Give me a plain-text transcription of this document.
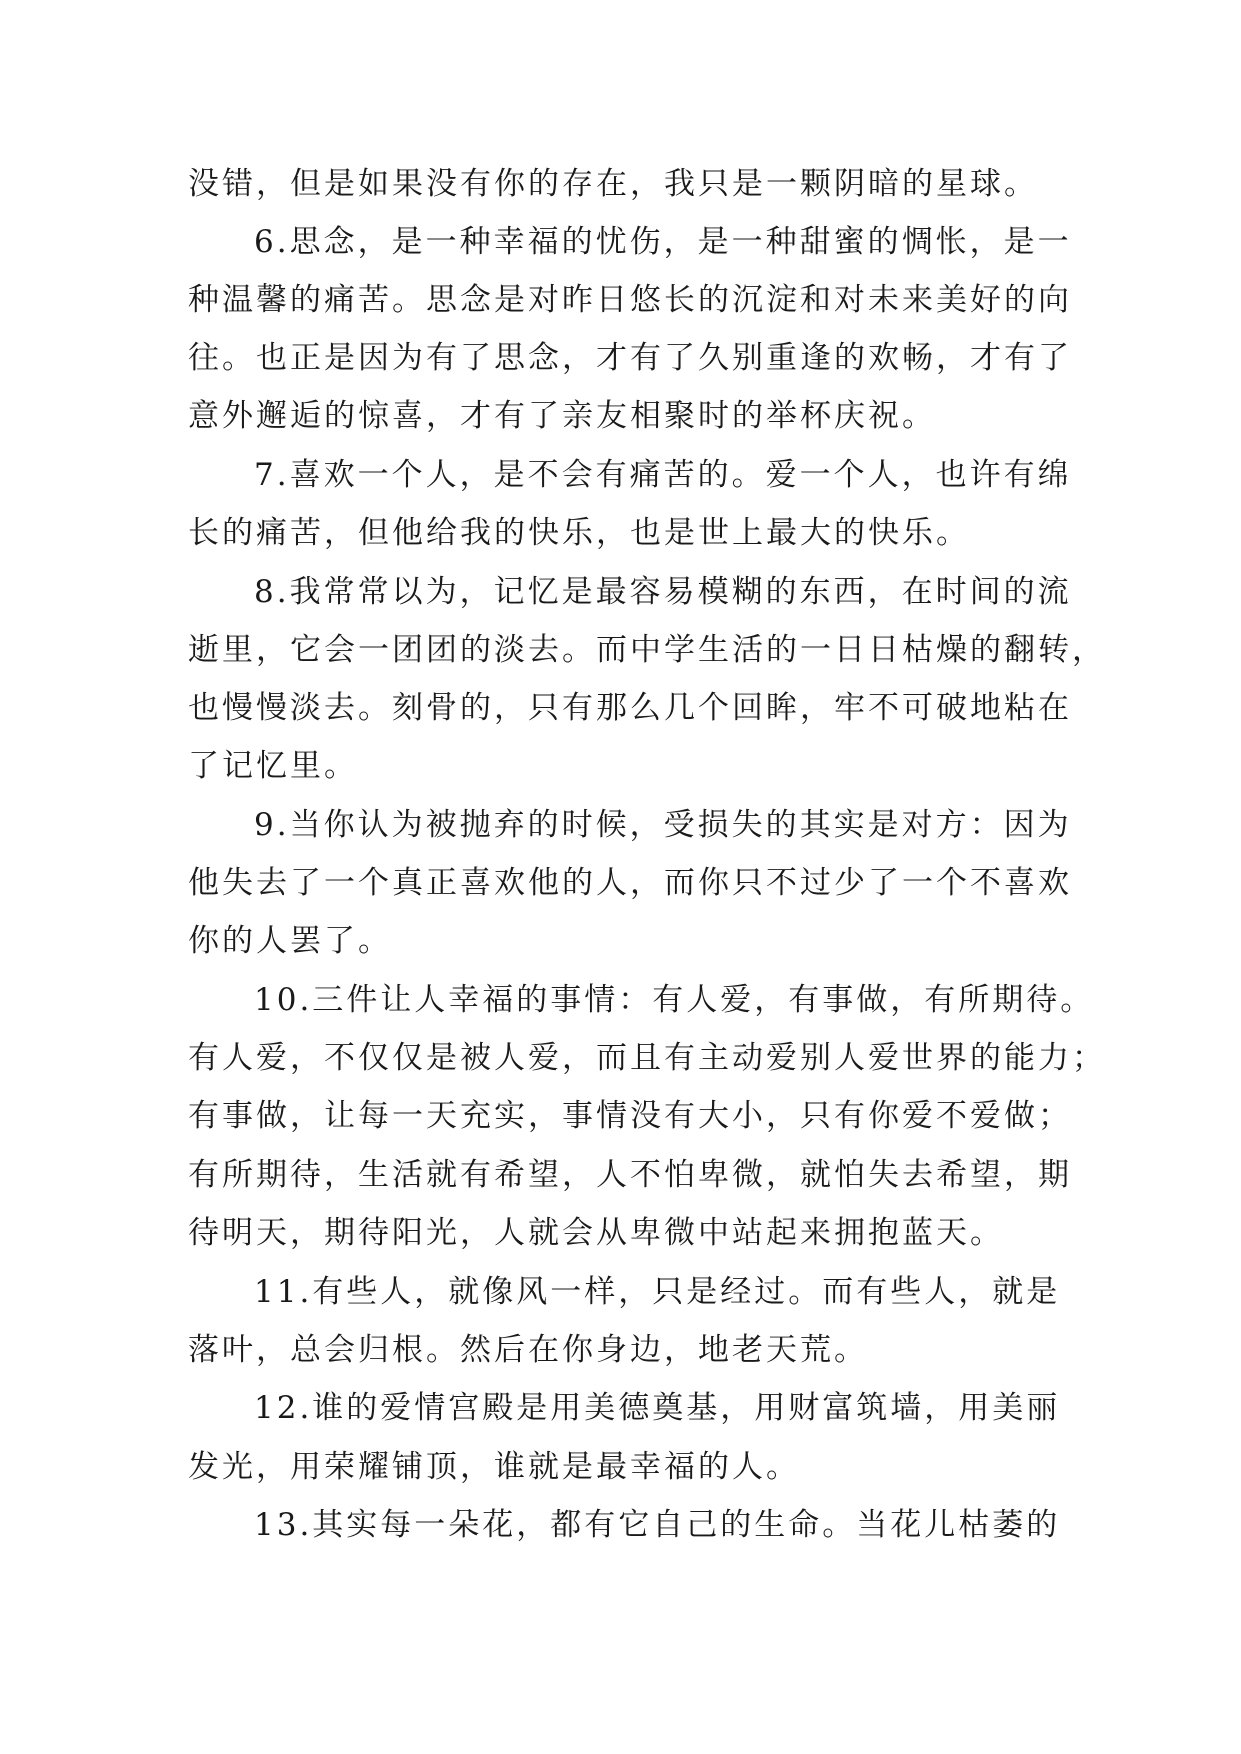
没错，但是如果没有你的存在，我只是一颗阴暗的星球。

6.思念，是一种幸福的忧伤，是一种甜蜜的惆怅，是一

种温馨的痛苦。思念是对昨日悠长的沉淀和对未来美好的向

往。也正是因为有了思念，才有了久别重逢的欢畅，才有了

意外邂逅的惊喜，才有了亲友相聚时的举杯庆祝。

7.喜欢一个人，是不会有痛苦的。爱一个人，也许有绵

长的痛苦，但他给我的快乐，也是世上最大的快乐。

8.我常常以为，记忆是最容易模糊的东西，在时间的流

逝里，它会一团团的淡去。而中学生活的一日日枯燥的翻转，

也慢慢淡去。刻骨的，只有那么几个回眸，牢不可破地粘在

了记忆里。

9.当你认为被抛弃的时候，受损失的其实是对方：因为

他失去了一个真正喜欢他的人，而你只不过少了一个不喜欢

你的人罢了。

10.三件让人幸福的事情：有人爱，有事做，有所期待。

有人爱，不仅仅是被人爱，而且有主动爱别人爱世界的能力；

有事做，让每一天充实，事情没有大小，只有你爱不爱做；

有所期待，生活就有希望，人不怕卑微，就怕失去希望，期

待明天，期待阳光，人就会从卑微中站起来拥抱蓝天。

11.有些人，就像风一样，只是经过。而有些人，就是

落叶，总会归根。然后在你身边，地老天荒。

12.谁的爱情宫殿是用美德奠基，用财富筑墙，用美丽

发光，用荣耀铺顶，谁就是最幸福的人。

13.其实每一朵花，都有它自己的生命。当花儿枯萎的
